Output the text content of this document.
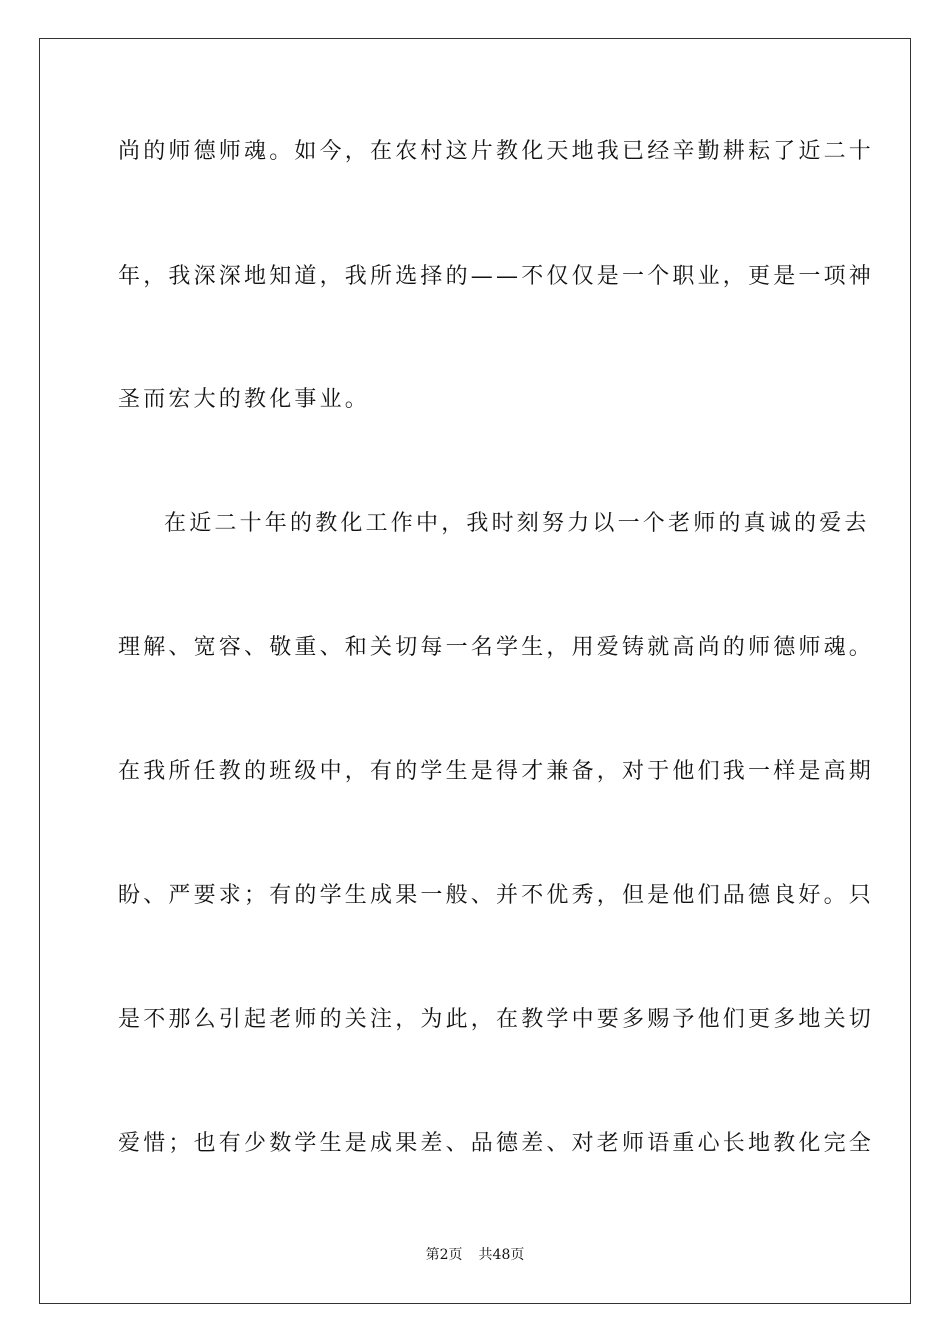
尚的师德师魂。如今，在农村这片教化天地我已经辛勤耕耘了近二十
年，我深深地知道，我所选择的——不仅仅是一个职业，更是一项神
圣而宏大的教化事业。
在近二十年的教化工作中，我时刻努力以一个老师的真诚的爱去
理解、宽容、敬重、和关切每一名学生，用爱铸就高尚的师德师魂。
在我所任教的班级中，有的学生是得才兼备，对于他们我一样是高期
盼、严要求；有的学生成果一般、并不优秀，但是他们品德良好。只
是不那么引起老师的关注，为此，在教学中要多赐予他们更多地关切
爱惜；也有少数学生是成果差、品德差、对老师语重心长地教化完全
第2页 共48页
